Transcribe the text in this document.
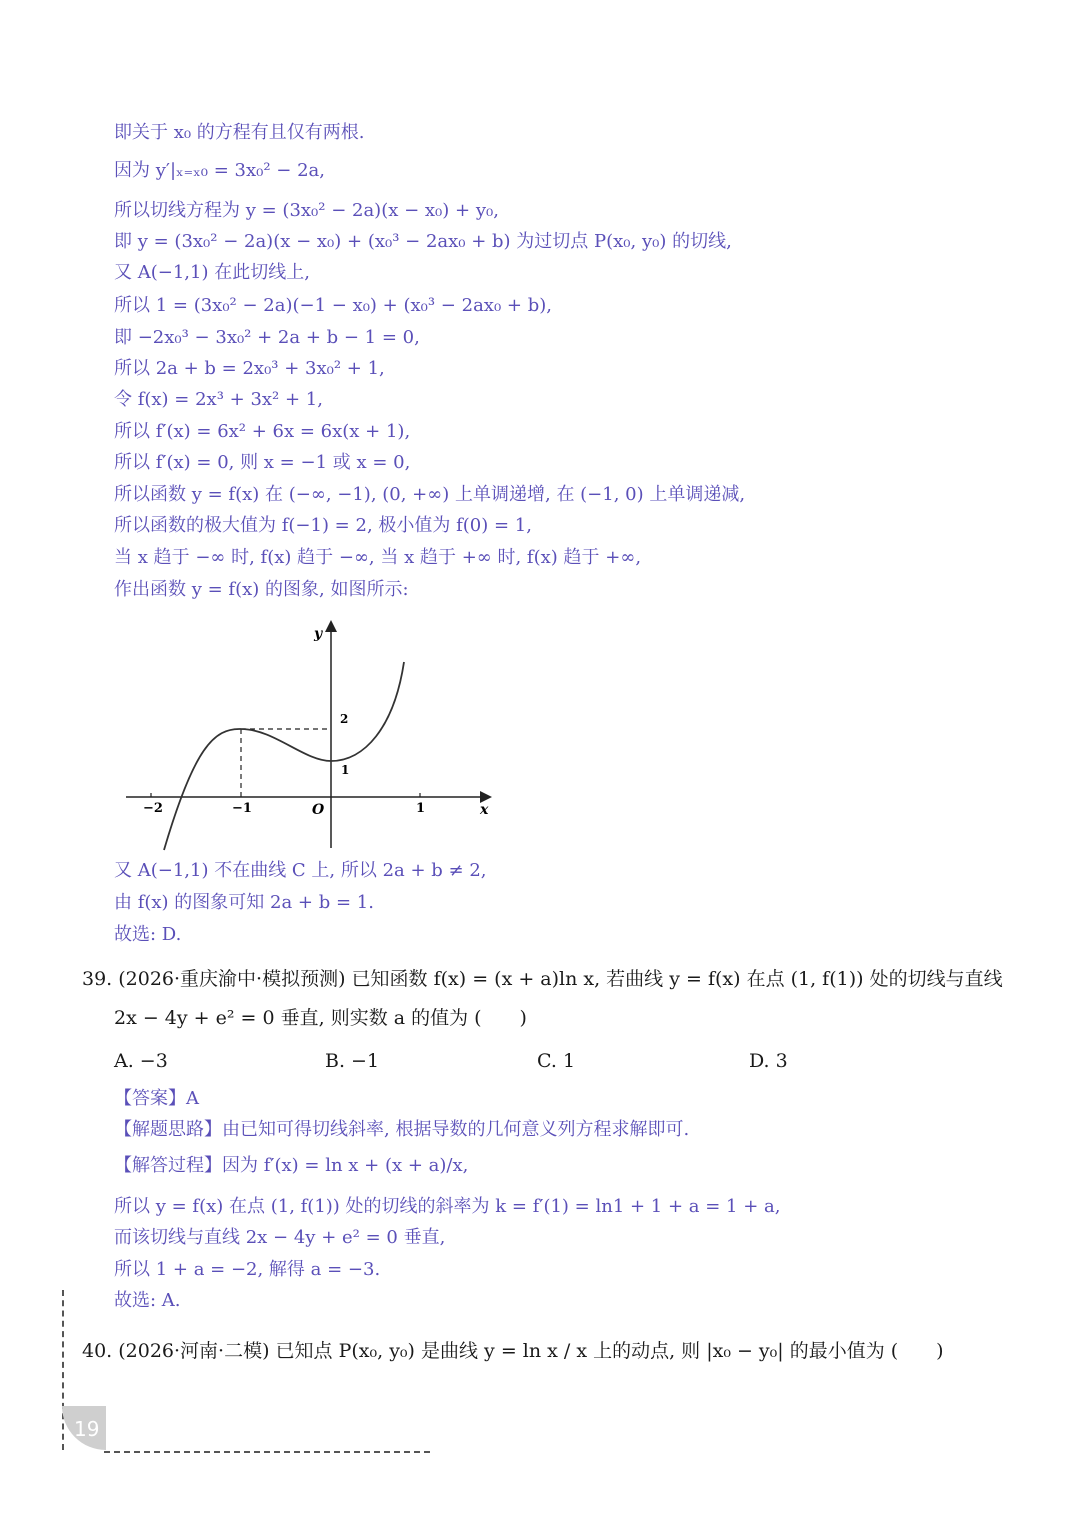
即关于 x₀ 的方程有且仅有两根.
因为 y′|ₓ₌ₓ₀ = 3x₀² − 2a,
所以切线方程为 y = (3x₀² − 2a)(x − x₀) + y₀,
即 y = (3x₀² − 2a)(x − x₀) + (x₀³ − 2ax₀ + b) 为过切点 P(x₀, y₀) 的切线,
又 A(−1,1) 在此切线上,
所以 1 = (3x₀² − 2a)(−1 − x₀) + (x₀³ − 2ax₀ + b),
即 −2x₀³ − 3x₀² + 2a + b − 1 = 0,
所以 2a + b = 2x₀³ + 3x₀² + 1,
令 f(x) = 2x³ + 3x² + 1,
所以 f′(x) = 6x² + 6x = 6x(x + 1),
所以 f′(x) = 0, 则 x = −1 或 x = 0,
所以函数 y = f(x) 在 (−∞, −1), (0, +∞) 上单调递增, 在 (−1, 0) 上单调递减,
所以函数的极大值为 f(−1) = 2, 极小值为 f(0) = 1,
当 x 趋于 −∞ 时, f(x) 趋于 −∞, 当 x 趋于 +∞ 时, f(x) 趋于 +∞,
作出函数 y = f(x) 的图象, 如图所示:
y
x
O
−2	−1	1
2
1
又 A(−1,1) 不在曲线 C 上, 所以 2a + b ≠ 2,
由 f(x) 的图象可知 2a + b = 1.
故选: D.
39. (2026·重庆渝中·模拟预测) 已知函数 f(x) = (x + a)ln x, 若曲线 y = f(x) 在点 (1, f(1)) 处的切线与直线
2x − 4y + e² = 0 垂直, 则实数 a 的值为 (　　)
A. −3	B. −1	C. 1	D. 3
【答案】A
【解题思路】由已知可得切线斜率, 根据导数的几何意义列方程求解即可.
【解答过程】因为 f′(x) = ln x + (x + a)/x,
所以 y = f(x) 在点 (1, f(1)) 处的切线的斜率为 k = f′(1) = ln1 + 1 + a = 1 + a,
而该切线与直线 2x − 4y + e² = 0 垂直,
所以 1 + a = −2, 解得 a = −3.
故选: A.
40. (2026·河南·二模) 已知点 P(x₀, y₀) 是曲线 y = ln x / x 上的动点, 则 |x₀ − y₀| 的最小值为 (　　)
19
